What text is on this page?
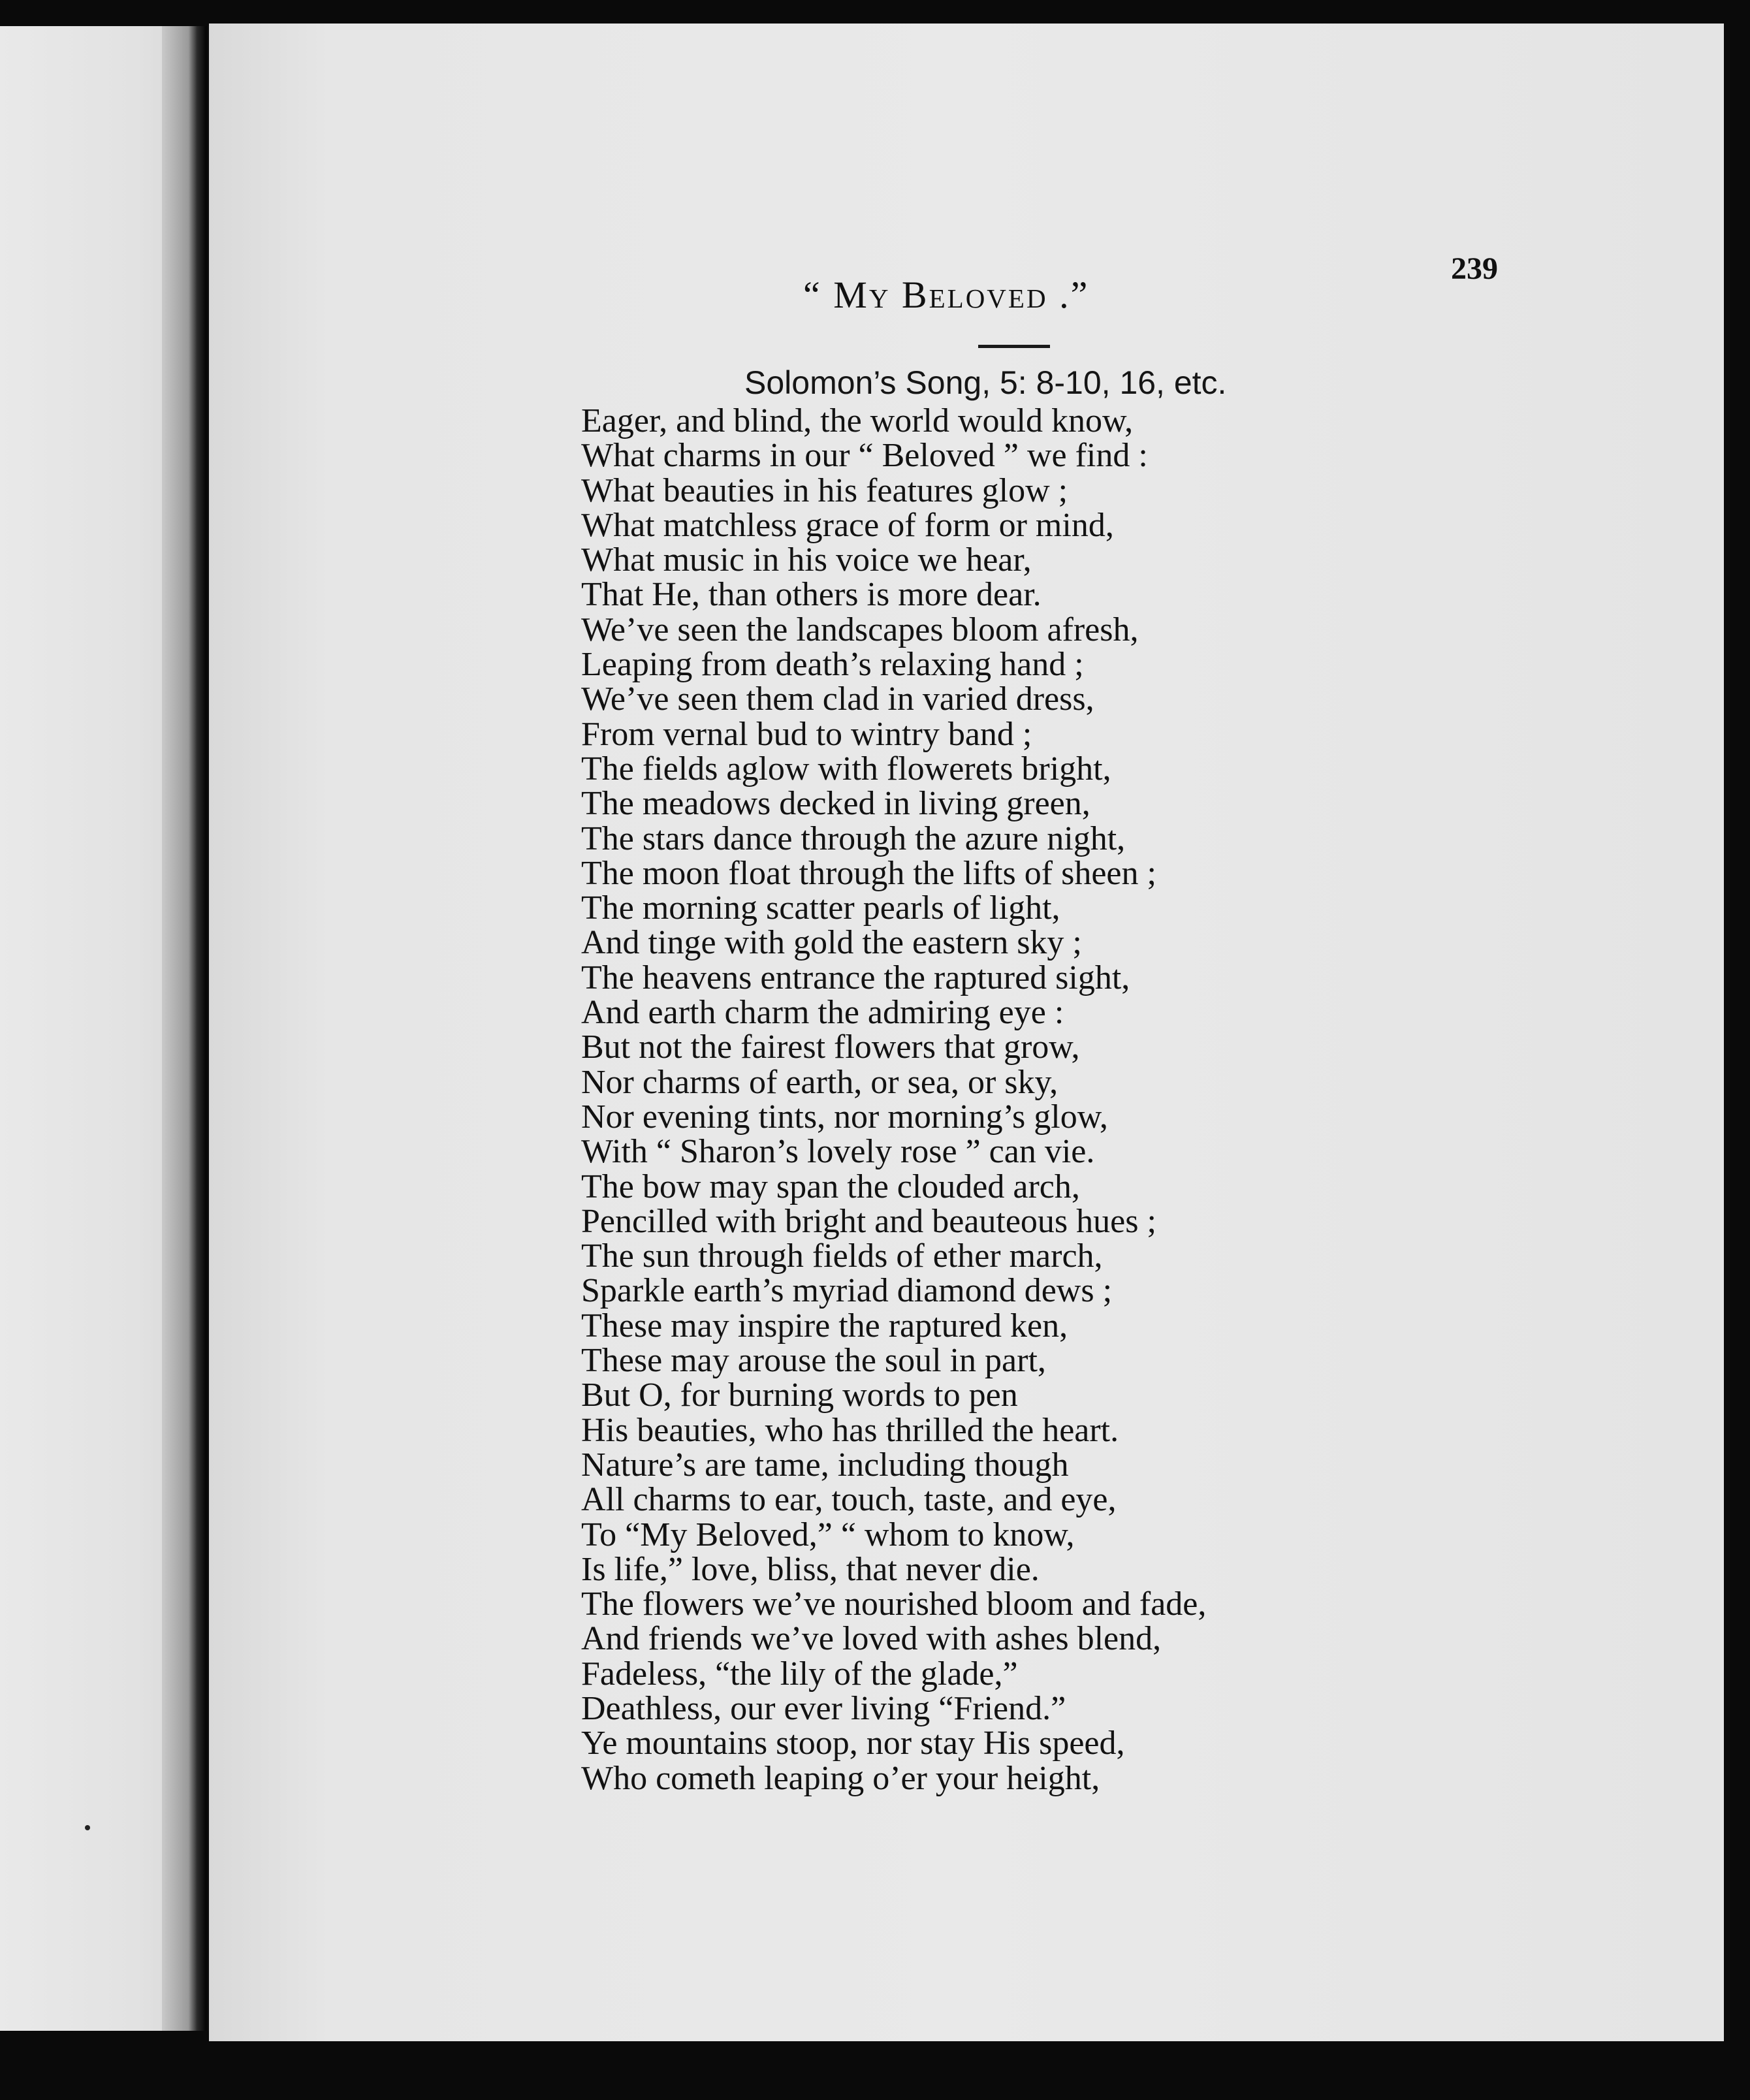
239

“ My Beloved .”

Solomon’s Song, 5: 8-10, 16, etc.

Eager, and blind, the world would know,
What charms in our “ Beloved ” we find :
What beauties in his features glow ;
What matchless grace of form or mind,
What music in his voice we hear,
That He, than others is more dear.
We’ve seen the landscapes bloom afresh,
Leaping from death’s relaxing hand ;
We’ve seen them clad in varied dress,
From vernal bud to wintry band ;
The fields aglow with flowerets bright,
The meadows decked in living green,
The stars dance through the azure night,
The moon float through the lifts of sheen ;
The morning scatter pearls of light,
And tinge with gold the eastern sky ;
The heavens entrance the raptured sight,
And earth charm the admiring eye :
But not the fairest flowers that grow,
Nor charms of earth, or sea, or sky,
Nor evening tints, nor morning’s glow,
With “ Sharon’s lovely rose ” can vie.
The bow may span the clouded arch,
Pencilled with bright and beauteous hues ;
The sun through fields of ether march,
Sparkle earth’s myriad diamond dews ;
These may inspire the raptured ken,
These may arouse the soul in part,
But O, for burning words to pen
His beauties, who has thrilled the heart.
Nature’s are tame, including though
All charms to ear, touch, taste, and eye,
To “My Beloved,” “ whom to know,
Is life,” love, bliss, that never die.
The flowers we’ve nourished bloom and fade,
And friends we’ve loved with ashes blend,
Fadeless, “the lily of the glade,”
Deathless, our ever living “Friend.”
Ye mountains stoop, nor stay His speed,
Who cometh leaping o’er your height,
